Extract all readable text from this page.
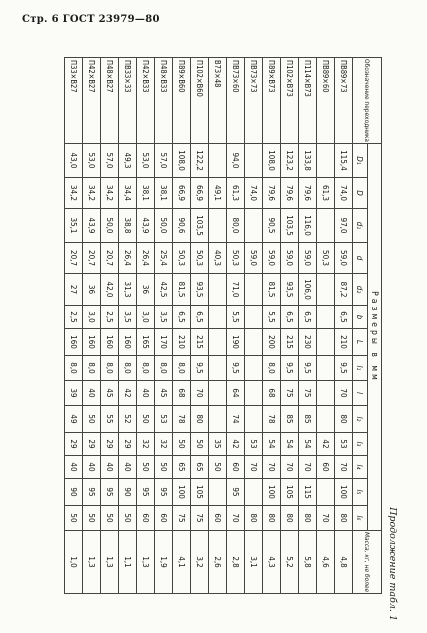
Стр. 6 ГОСТ 23979—80
Продолжение табл. 1
Обозначение переходника	Размеры в мм														Масса, кг, не более
	D₁	D	d₁	d	d₂	b	L	l₁	l	l₂	l₃	l₄	l₅	l₆	
ПВ89×73	115,4	74,0	97,0	59,0	87,2	6,5	210	9,5	70	80	53	70	100	80	4,8
ПВ89×60		61,3		50,3							42	60		70	4,6
П114×В73	133,8	79,6	116,0	59,0	106,0	6,5	230	9,5	75	85	54	70	115	80	5,8
П102×В73	123,2	79,6	103,5	59,0	93,5	6,5	215	9,5	75	85	54	70	105	80	5,2
П89×В73	108,0	79,6	90,5	59,0	81,5	5,5	200	8,0	68	78	54	70	100	80	4,3
ПВ73×73		74,0		59,0							53	70		80	3,1
ПВ73×60	94,0	61,3	80,0	50,3	71,0	5,5	190	9,5	64	74	42	60	95	70	2,8
В73×48		49,1		40,3							35	50		60	2,6
П102×В60	122,2	66,9	103,5	50,3	93,5	6,5	215	9,5	70	80	50	65	105	75	3,2
П89×В60	108,0	66,9	90,6	50,3	81,5	6,5	210	8,0	68	78	50	65	100	75	4,1
П48×В33	57,0	38,1	50,0	25,4	42,5	3,5	170	8,0	45	53	32	50	95	60	1,9
П42×В33	53,0	38,1	43,9	26,4	36	3,0	165	8,0	40	50	32	50	95	60	1,3
ПВ33×33	49,3	34,4	38,8	26,4	31,3	3,5	160	8,0	42	52	29	40	90	50	1,1
П48×В27	57,0	34,2	50,0	20,7	42,0	2,5	160	8,0	45	55	29	40	95	50	1,3
П42×В27	53,0	34,2	43,9	20,7	36	3,0	160	8,0	40	50	29	40	95	50	1,3
П33×В27	43,0	34,2	35,1	20,7	27	2,5	160	8,0	39	49	29	40	90	50	1,0
